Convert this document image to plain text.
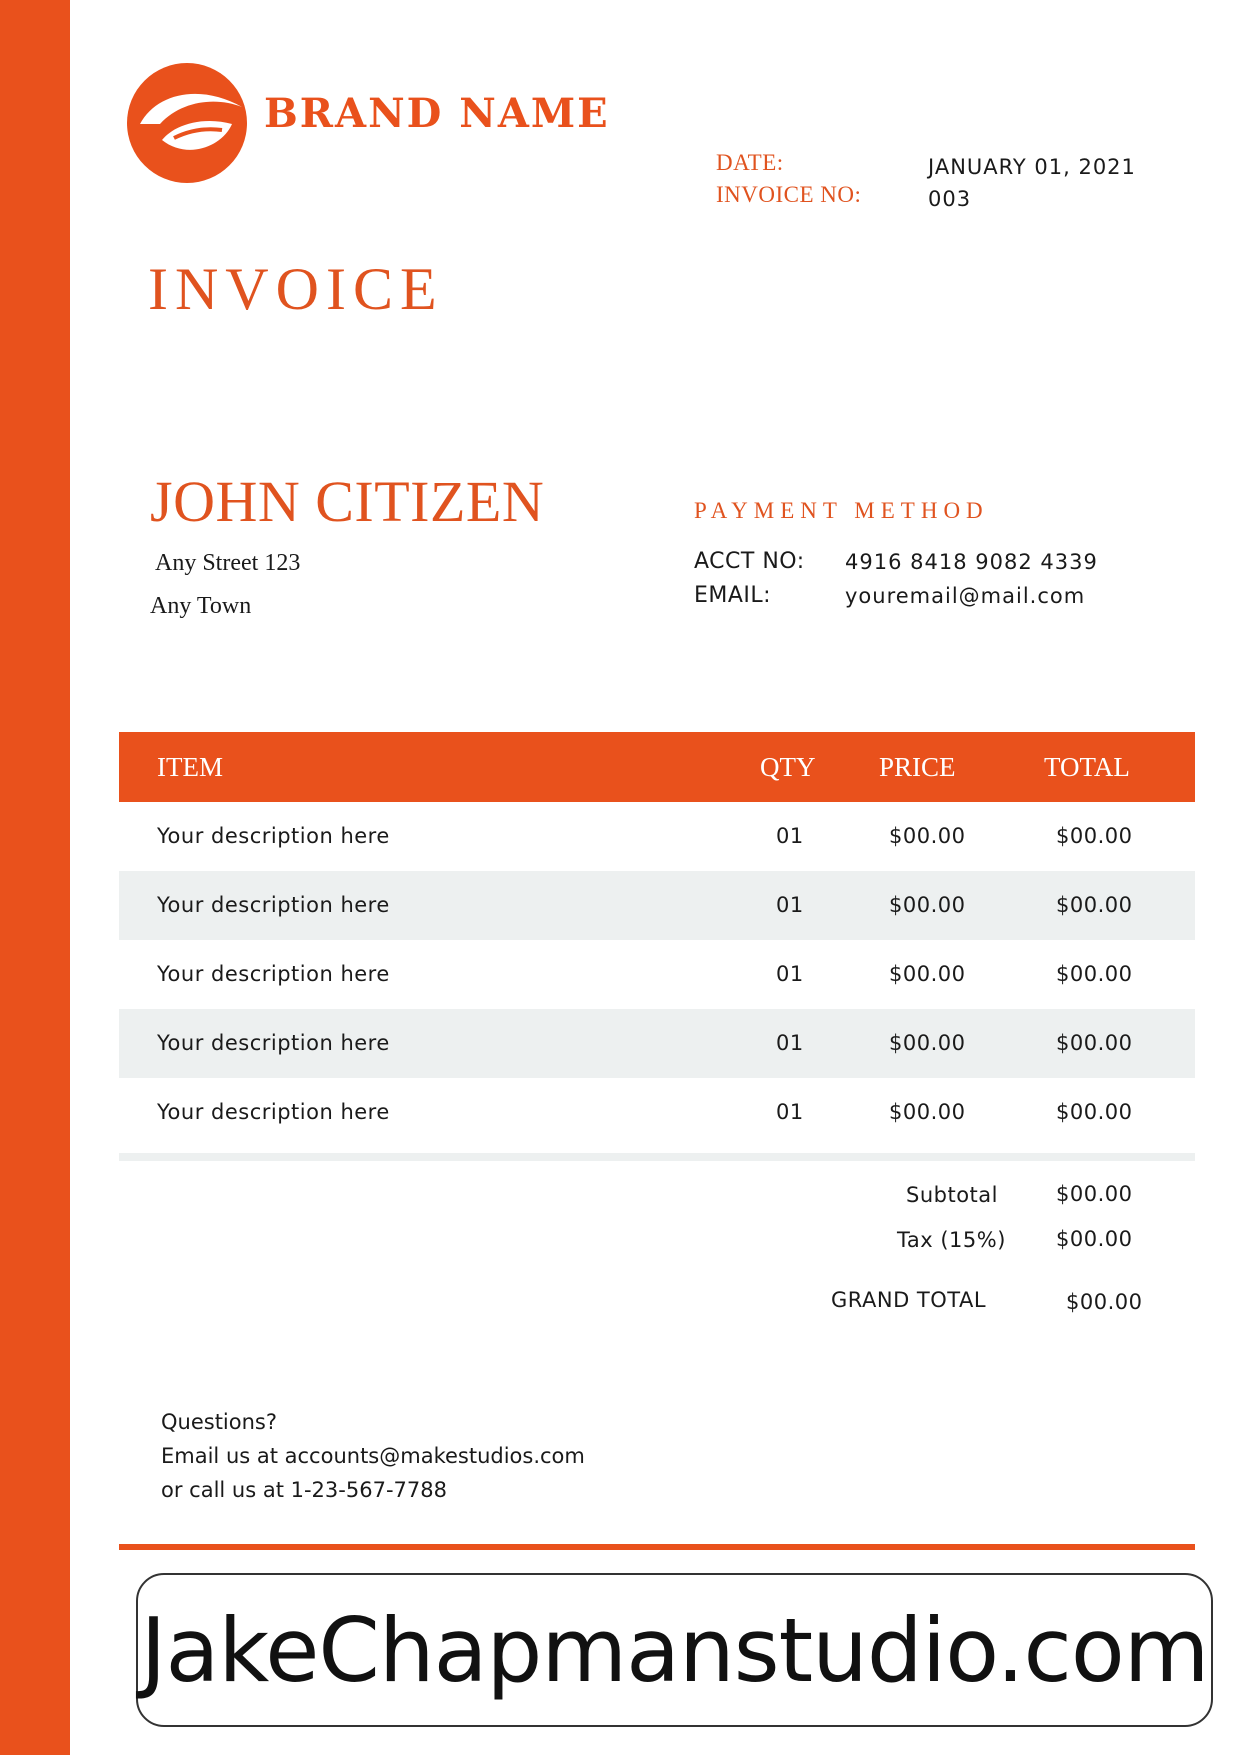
BRAND NAME
DATE:	JANUARY 01, 2021
INVOICE NO:	003
INVOICE
JOHN CITIZEN
Any Street 123
Any Town
PAYMENT METHOD
ACCT NO: 4916 8418 9082 4339
EMAIL:	youremail@mail.com
ITEM	QTY PRICE	TOTAL
Your description here	01	$00.00	$00.00
Your description here	01	$00.00	$00.00
Your description here	01	$00.00	$00.00
Your description here	01	$00.00	$00.00
Your description here	01	$00.00	$00.00
Subtotal	$00.00
Tax (15%) $00.00
GRAND TOTAL	$00.00
Questions?
Email us at accounts@makestudios.com
or call us at 1-23-567-7788
JakeChapmanstudio.com
